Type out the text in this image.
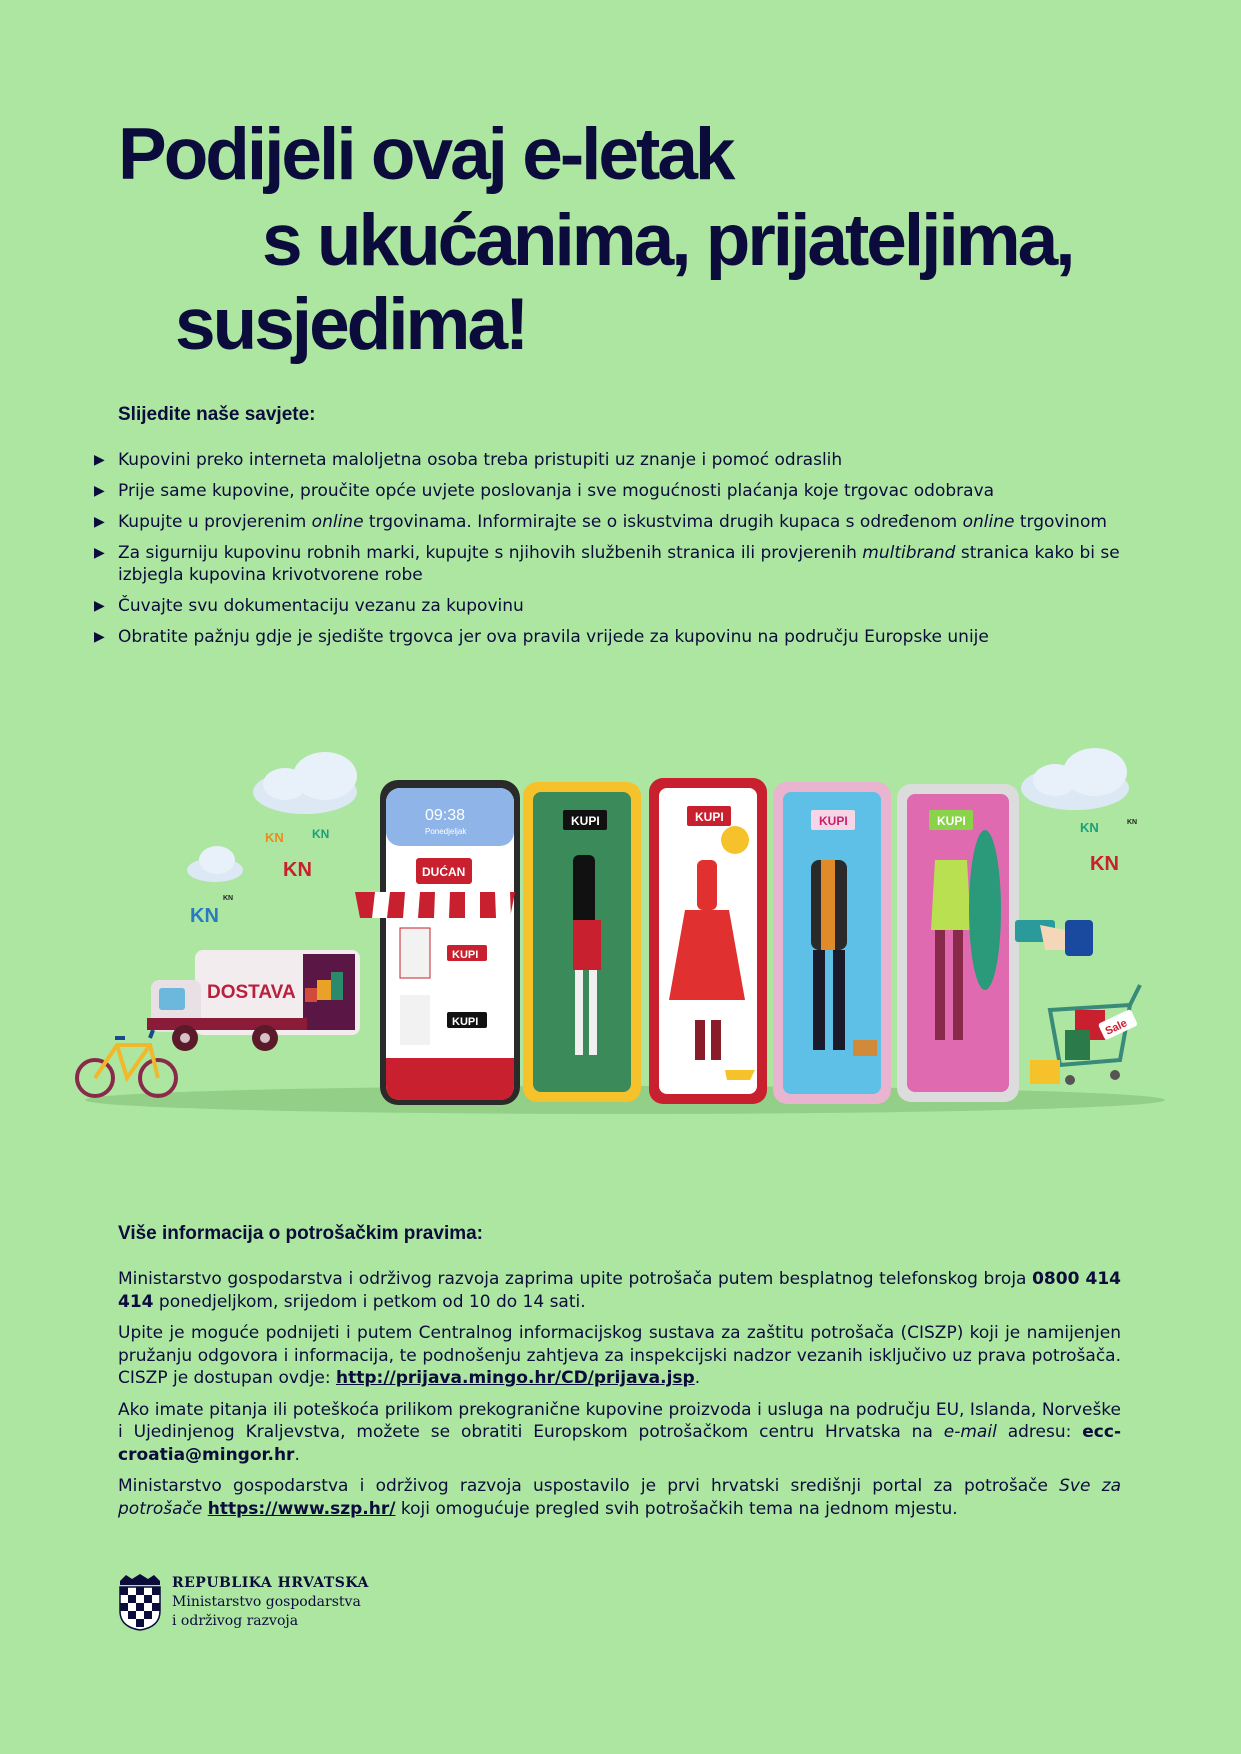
Podijeli ovaj e-letak
s ukućanima, prijateljima,
susjedima!
Slijedite naše savjete:
▶ Kupovini preko interneta maloljetna osoba treba pristupiti uz znanje i pomoć odraslih
▶ Prije same kupovine, proučite opće uvjete poslovanja i sve mogućnosti plaćanja koje trgovac odobrava
▶ Kupujte u provjerenim online trgovinama. Informirajte se o iskustvima drugih kupaca s određenom online trgovinom
▶ Za sigurniju kupovinu robnih marki, kupujte s njihovih službenih stranica ili provjerenih multibrand stranica kako bi se izbjegla kupovina krivotvorene robe
▶ Čuvajte svu dokumentaciju vezanu za kupovinu
▶ Obratite pažnju gdje je sjedište trgovca jer ova pravila vrijede za kupovinu na području Europske unije
KN KN
KN
KN
KN
KN	KN
KN
DOSTAVA
09:38
Ponedjeljak
DUĆAN
KUPI
KUPI
KUPI	KUPI	KUPI	KUPI
Sale
Više informacija o potrošačkim pravima:

Ministarstvo gospodarstva i održivog razvoja zaprima upite potrošača putem besplatnog telefonskog broja 0800 414 414 ponedjeljkom, srijedom i petkom od 10 do 14 sati.

Upite je moguće podnijeti i putem Centralnog informacijskog sustava za zaštitu potrošača (CISZP) koji je namijenjen pružanju odgovora i informacija, te podnošenju zahtjeva za inspekcijski nadzor vezanih isključivo uz prava potrošača. CISZP je dostupan ovdje: http://prijava.mingo.hr/CD/prijava.jsp.

Ako imate pitanja ili poteškoća prilikom prekogranične kupovine proizvoda i usluga na području EU, Islanda, Norveške i Ujedinjenog Kraljevstva, možete se obratiti Europskom potrošačkom centru Hrvatska na e-mail adresu: ecc-croatia@mingor.hr.

Ministarstvo gospodarstva i održivog razvoja uspostavilo je prvi hrvatski središnji portal za potrošače Sve za potrošače https://www.szp.hr/ koji omogućuje pregled svih potrošačkih tema na jednom mjestu.

REPUBLIKA HRVATSKA
Ministarstvo gospodarstva
i održivog razvoja
